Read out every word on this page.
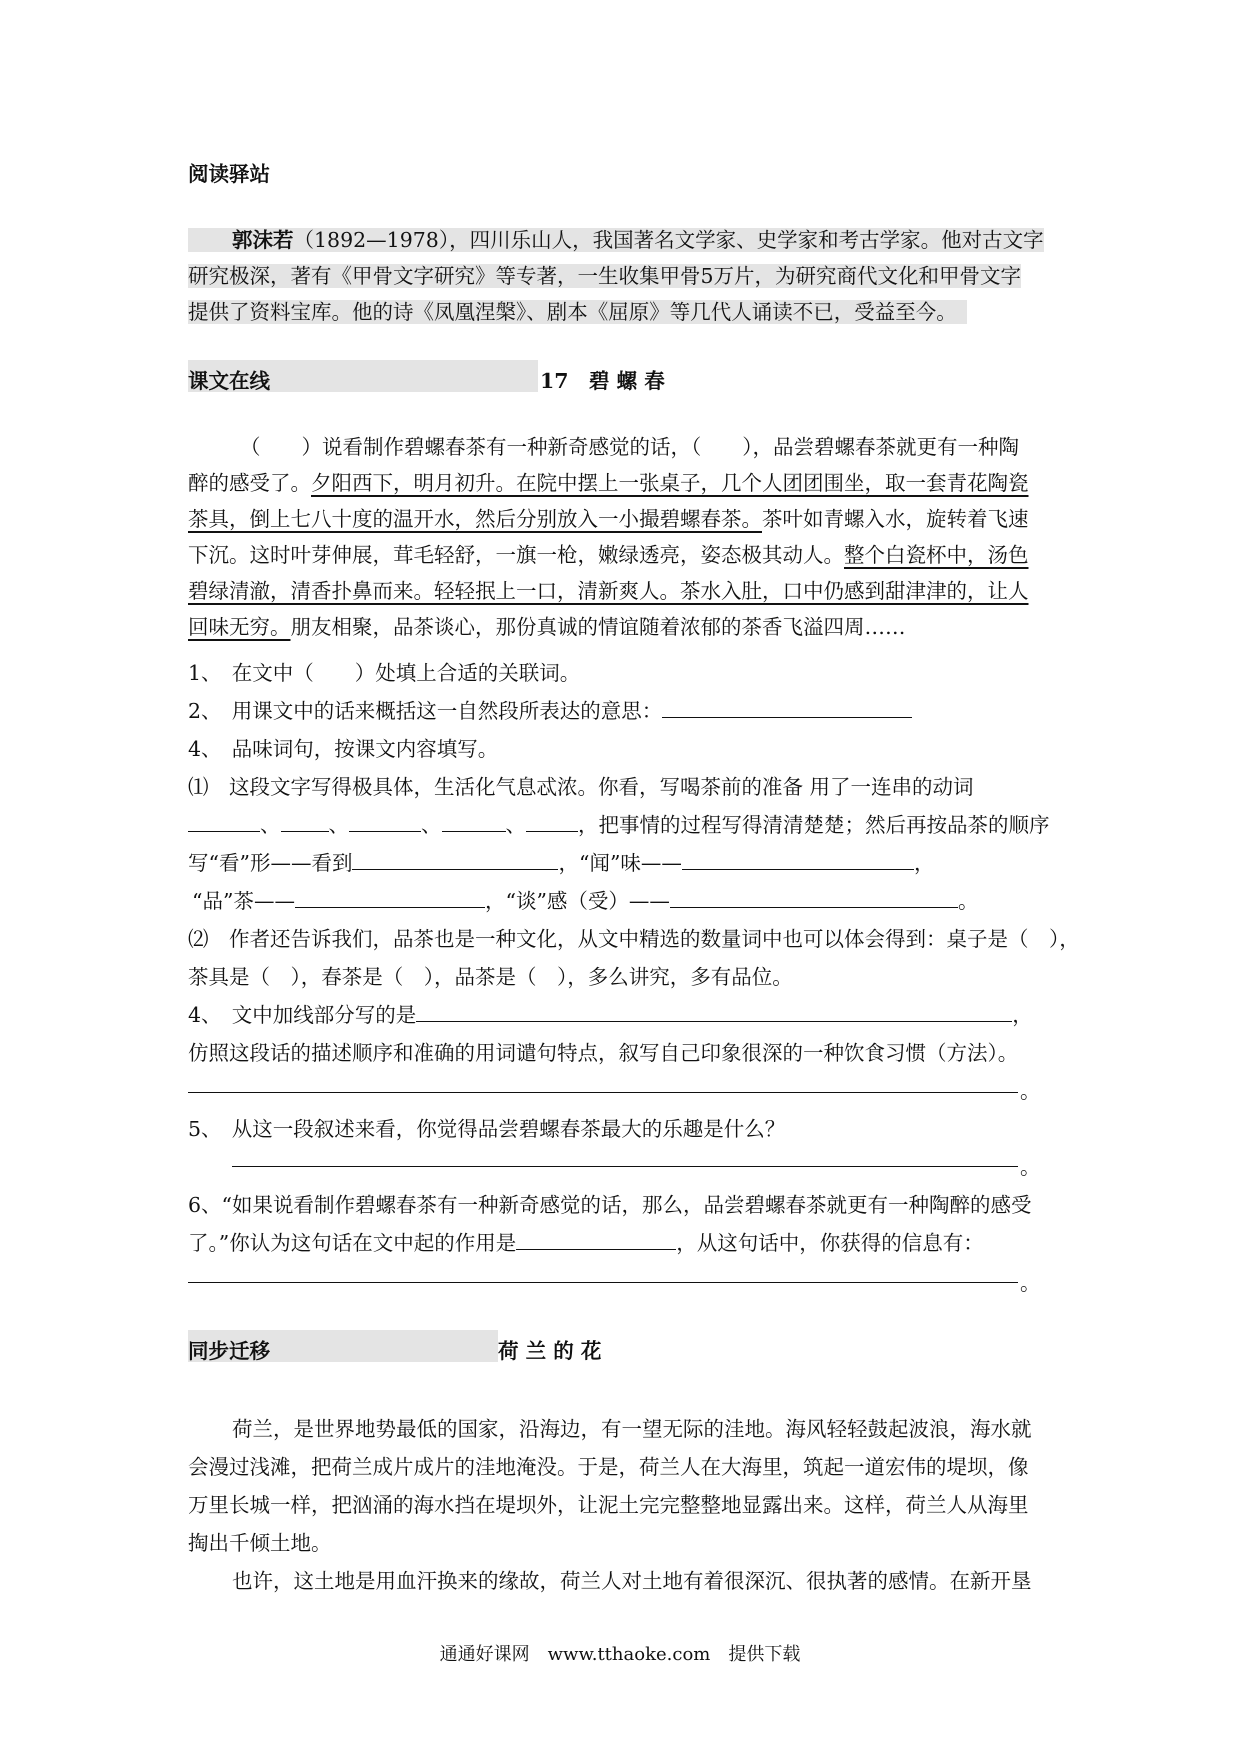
阅读驿站
郭沫若（1892—1978），四川乐山人，我国著名文学家、史学家和考古学家。他对古文字
研究极深，著有《甲骨文字研究》等专著，一生收集甲骨5万片，为研究商代文化和甲骨文字
提供了资料宝库。他的诗《凤凰涅槃》、剧本《屈原》等几代人诵读不已，受益至今。
课文在线	17　碧 螺 春
（　　）说看制作碧螺春茶有一种新奇感觉的话，（　　），品尝碧螺春茶就更有一种陶
醉的感受了。夕阳西下，明月初升。在院中摆上一张桌子，几个人团团围坐，取一套青花陶瓷
茶具，倒上七八十度的温开水，然后分别放入一小撮碧螺春茶。茶叶如青螺入水，旋转着飞速
下沉。这时叶芽伸展，茸毛轻舒，一旗一枪，嫩绿透亮，姿态极其动人。整个白瓷杯中，汤色
碧绿清澈，清香扑鼻而来。轻轻抿上一口，清新爽人。茶水入肚，口中仍感到甜津津的，让人
回味无穷。朋友相聚，品茶谈心，那份真诚的情谊随着浓郁的茶香飞溢四周……
1、　在文中（　　）处填上合适的关联词。
2、　用课文中的话来概括这一自然段所表达的意思：
4、　品味词句，按课文内容填写。
⑴　这段文字写得极具体，生活化气息忒浓。你看，写喝茶前的准备 用了一连串的动词
、 、	、	、	，把事情的过程写得清清楚楚；然后再按品茶的顺序
写“看”形——看到	，“闻”味——	，
“品”茶——	，“谈”感（受）——	。
⑵　作者还告诉我们，品茶也是一种文化，从文中精选的数量词中也可以体会得到：桌子是（　），
茶具是（　），春茶是（　），品茶是（　），多么讲究，多有品位。
4、　文中加线部分写的是	，
仿照这段话的描述顺序和准确的用词谴句特点，叙写自己印象很深的一种饮食习惯（方法）。
。
5、　从这一段叙述来看，你觉得品尝碧螺春茶最大的乐趣是什么？
。
6、“如果说看制作碧螺春茶有一种新奇感觉的话，那么，品尝碧螺春茶就更有一种陶醉的感受
了。”你认为这句话在文中起的作用是	，从这句话中，你获得的信息有：
。
同步迁移	荷 兰 的 花
荷兰，是世界地势最低的国家，沿海边，有一望无际的洼地。海风轻轻鼓起波浪，海水就
会漫过浅滩，把荷兰成片成片的洼地淹没。于是，荷兰人在大海里，筑起一道宏伟的堤坝，像
万里长城一样，把汹涌的海水挡在堤坝外，让泥土完完整整地显露出来。这样，荷兰人从海里
掏出千倾土地。
也许，这土地是用血汗换来的缘故，荷兰人对土地有着很深沉、很执著的感情。在新开垦
通通好课网　www.tthaoke.com　提供下载
